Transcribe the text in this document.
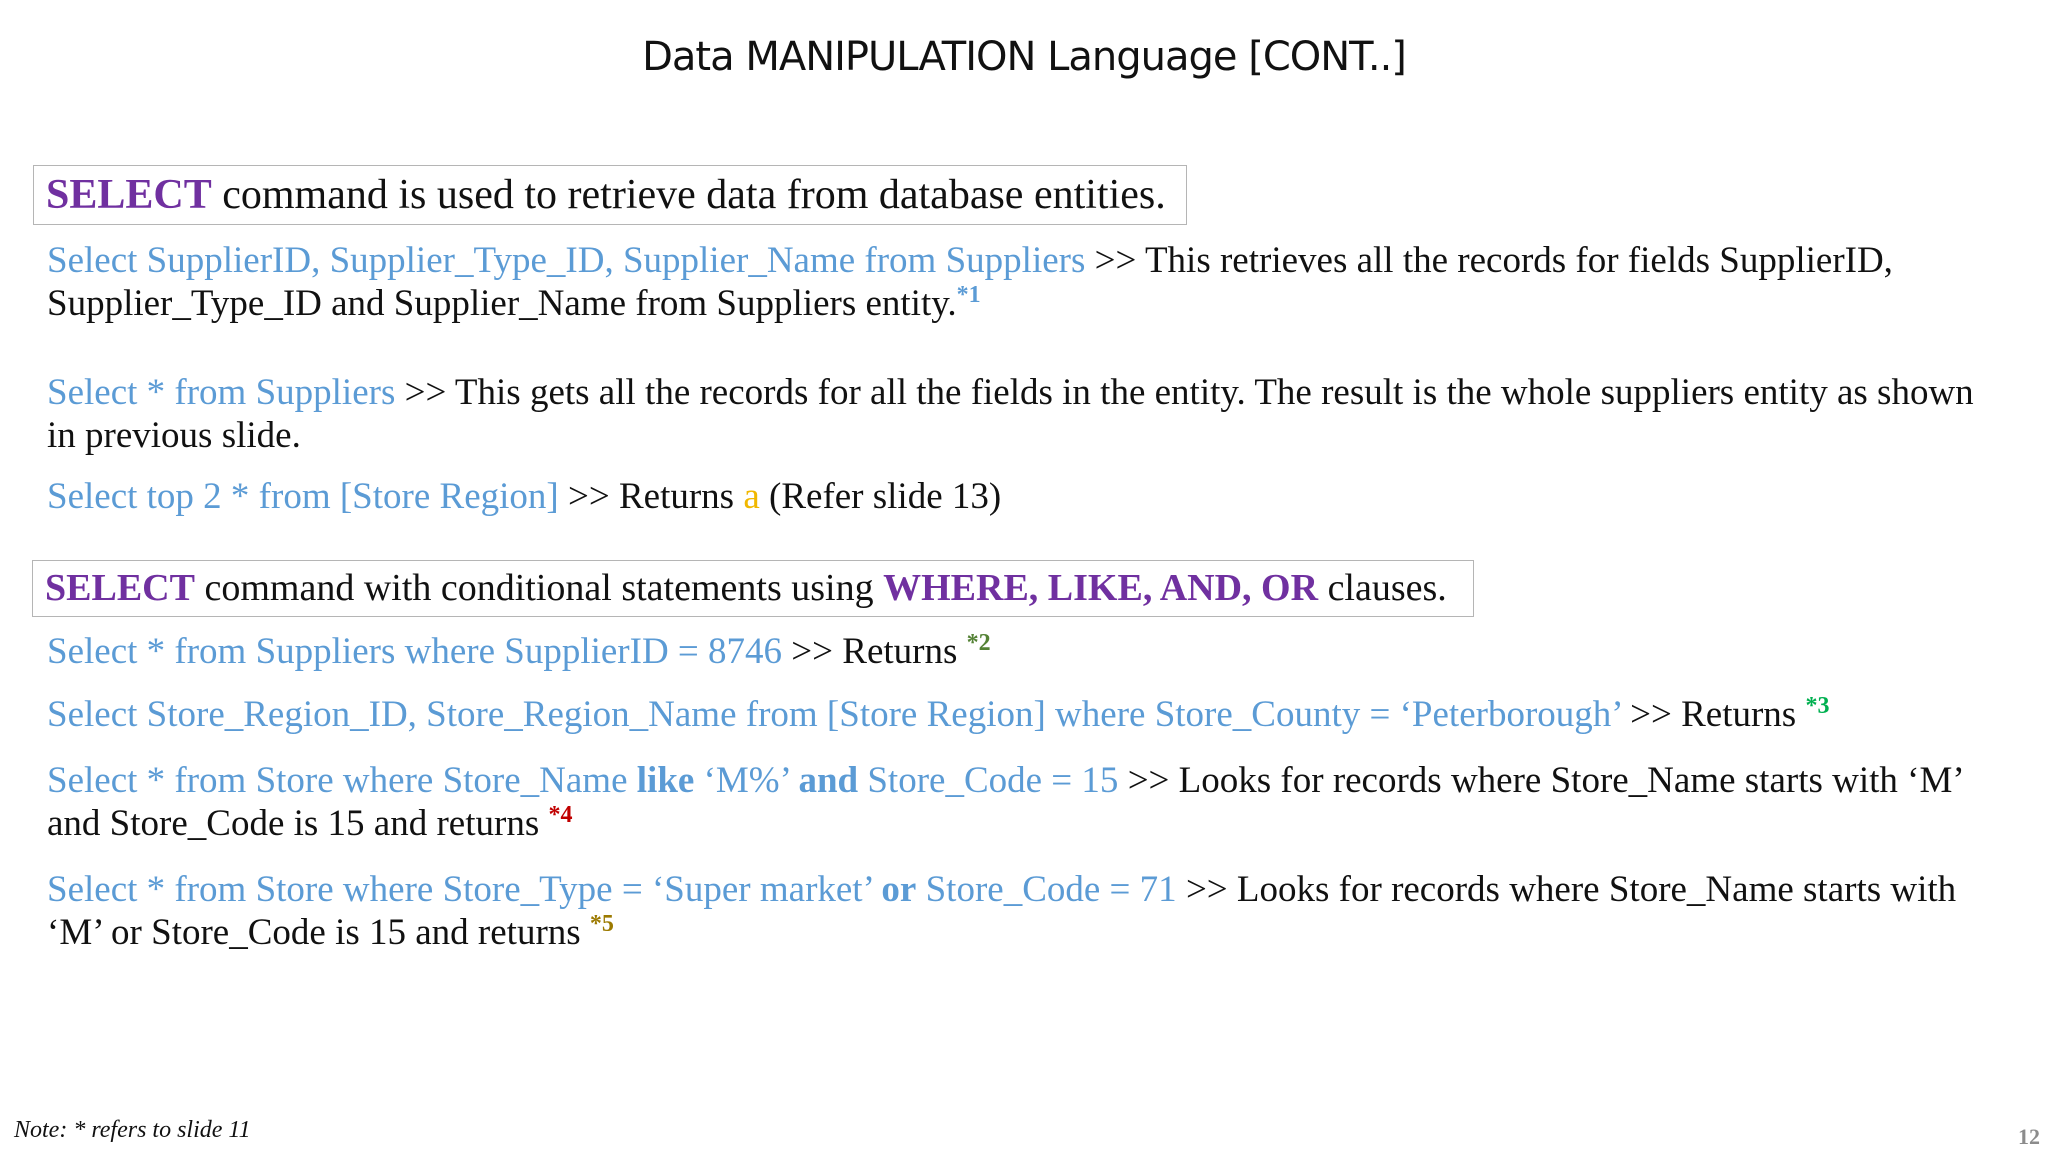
Data MANIPULATION Language [CONT..]
SELECT command is used to retrieve data from database entities.
Select SupplierID, Supplier_Type_ID, Supplier_Name from Suppliers >> This retrieves all the records for fields SupplierID, Supplier_Type_ID and Supplier_Name from Suppliers entity.$^{*1}$
Select * from Suppliers >> This gets all the records for all the fields in the entity. The result is the whole suppliers entity as shown in previous slide.
Select top 2 * from [Store Region] >> Returns a (Refer slide 13)
SELECT command with conditional statements using WHERE, LIKE, AND, OR clauses.
Select * from Suppliers where SupplierID = 8746 >> Returns $^{*2}$
Select Store_Region_ID, Store_Region_Name from [Store Region] where Store_County = ‘Peterborough’ >> Returns $^{*3}$
Select * from Store where Store_Name like ‘M%’ and Store_Code = 15 >> Looks for records where Store_Name starts with ‘M’ and Store_Code is 15 and returns $^{*4}$
Select * from Store where Store_Type = ‘Super market’ or Store_Code = 71 >> Looks for records where Store_Name starts with ‘M’ or Store_Code is 15 and returns $^{*5}$
Note: * refers to slide 11	12
